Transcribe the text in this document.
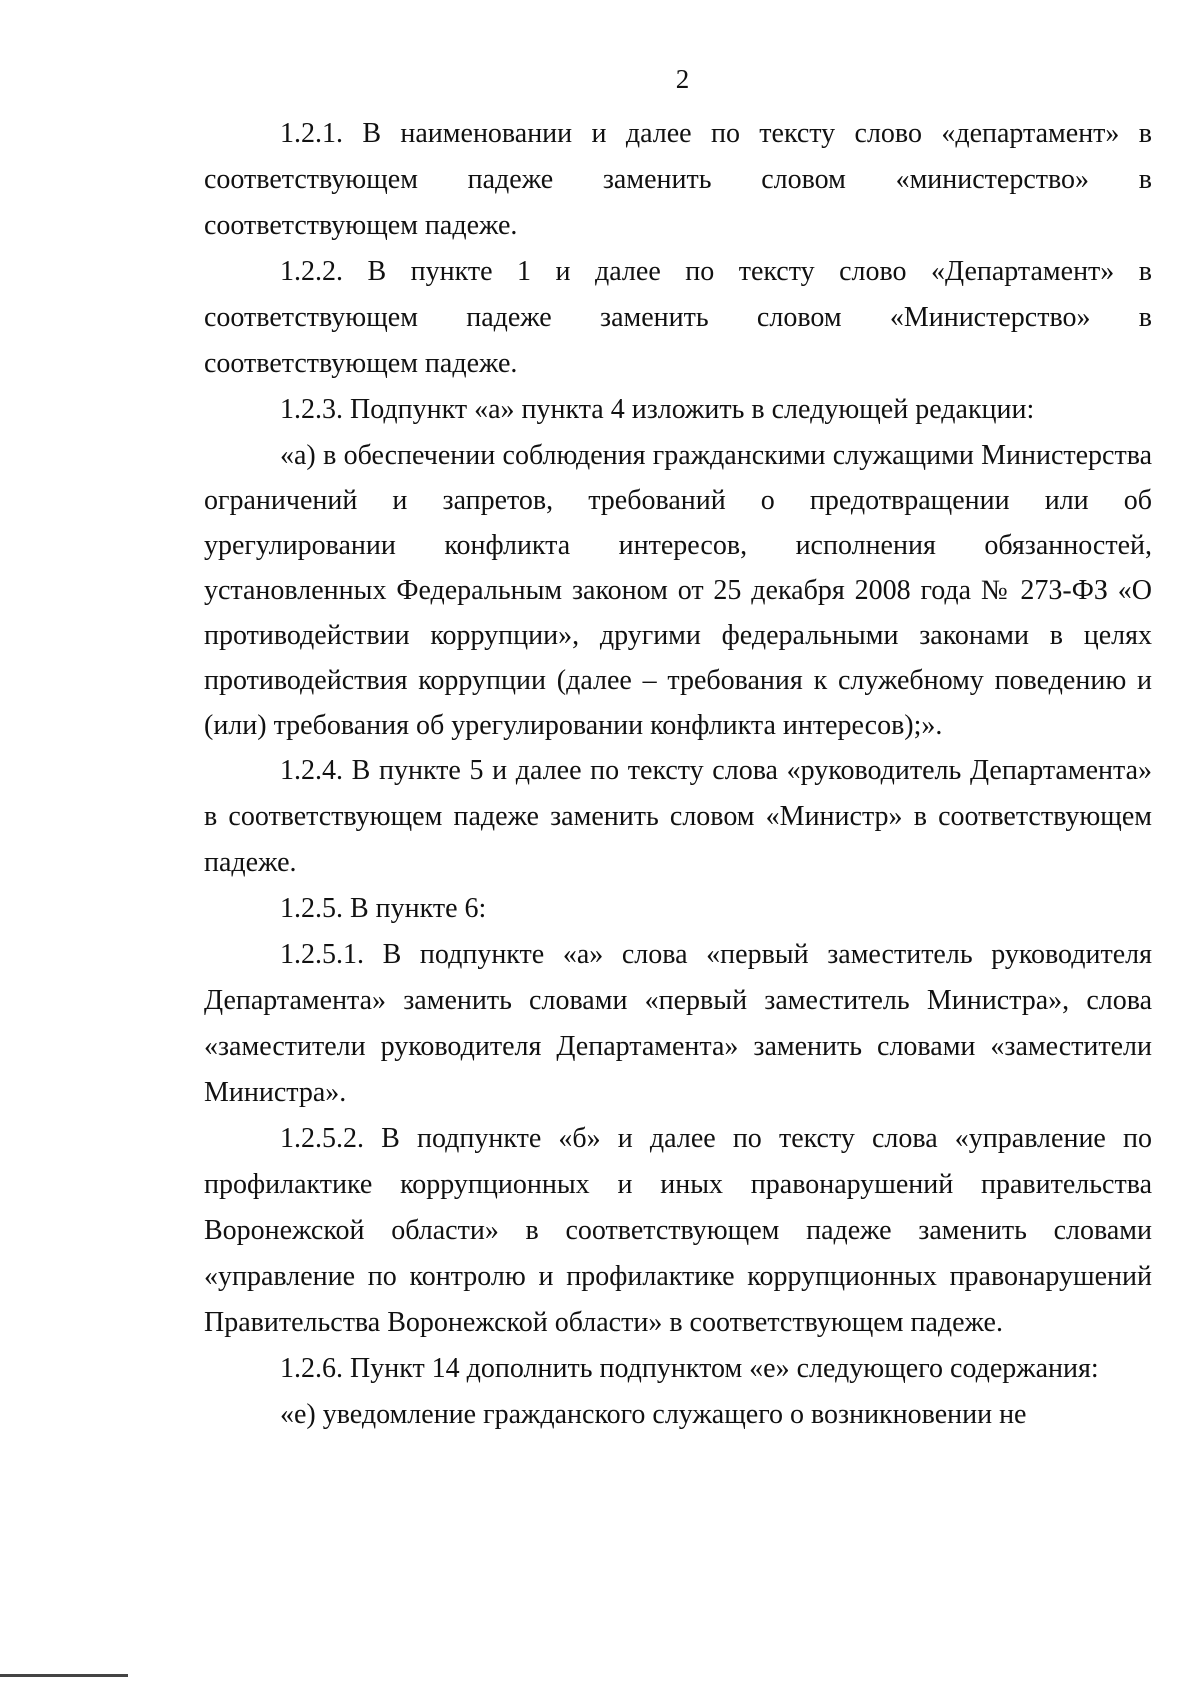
2

1.2.1. В наименовании и далее по тексту слово «департамент» в соответствующем падеже заменить словом «министерство» в соответствующем падеже.

1.2.2. В пункте 1 и далее по тексту слово «Департамент» в соответствующем падеже заменить словом «Министерство» в соответствующем падеже.

1.2.3. Подпункт «а» пункта 4 изложить в следующей редакции:

«а) в обеспечении соблюдения гражданскими служащими Министерства ограничений и запретов, требований о предотвращении или об урегулировании конфликта интересов, исполнения обязанностей, установленных Федеральным законом от 25 декабря 2008 года № 273-ФЗ «О противодействии коррупции», другими федеральными законами в целях противодействия коррупции (далее – требования к служебному поведению и (или) требования об урегулировании конфликта интересов);».

1.2.4. В пункте 5 и далее по тексту слова «руководитель Департамента» в соответствующем падеже заменить словом «Министр» в соответствующем падеже.

1.2.5. В пункте 6:

1.2.5.1. В подпункте «а» слова «первый заместитель руководителя Департамента» заменить словами «первый заместитель Министра», слова «заместители руководителя Департамента» заменить словами «заместители Министра».

1.2.5.2. В подпункте «б» и далее по тексту слова «управление по профилактике коррупционных и иных правонарушений правительства Воронежской области» в соответствующем падеже заменить словами «управление по контролю и профилактике коррупционных правонарушений Правительства Воронежской области» в соответствующем падеже.

1.2.6. Пункт 14 дополнить подпунктом «е» следующего содержания:

«е) уведомление гражданского служащего о возникновении не
